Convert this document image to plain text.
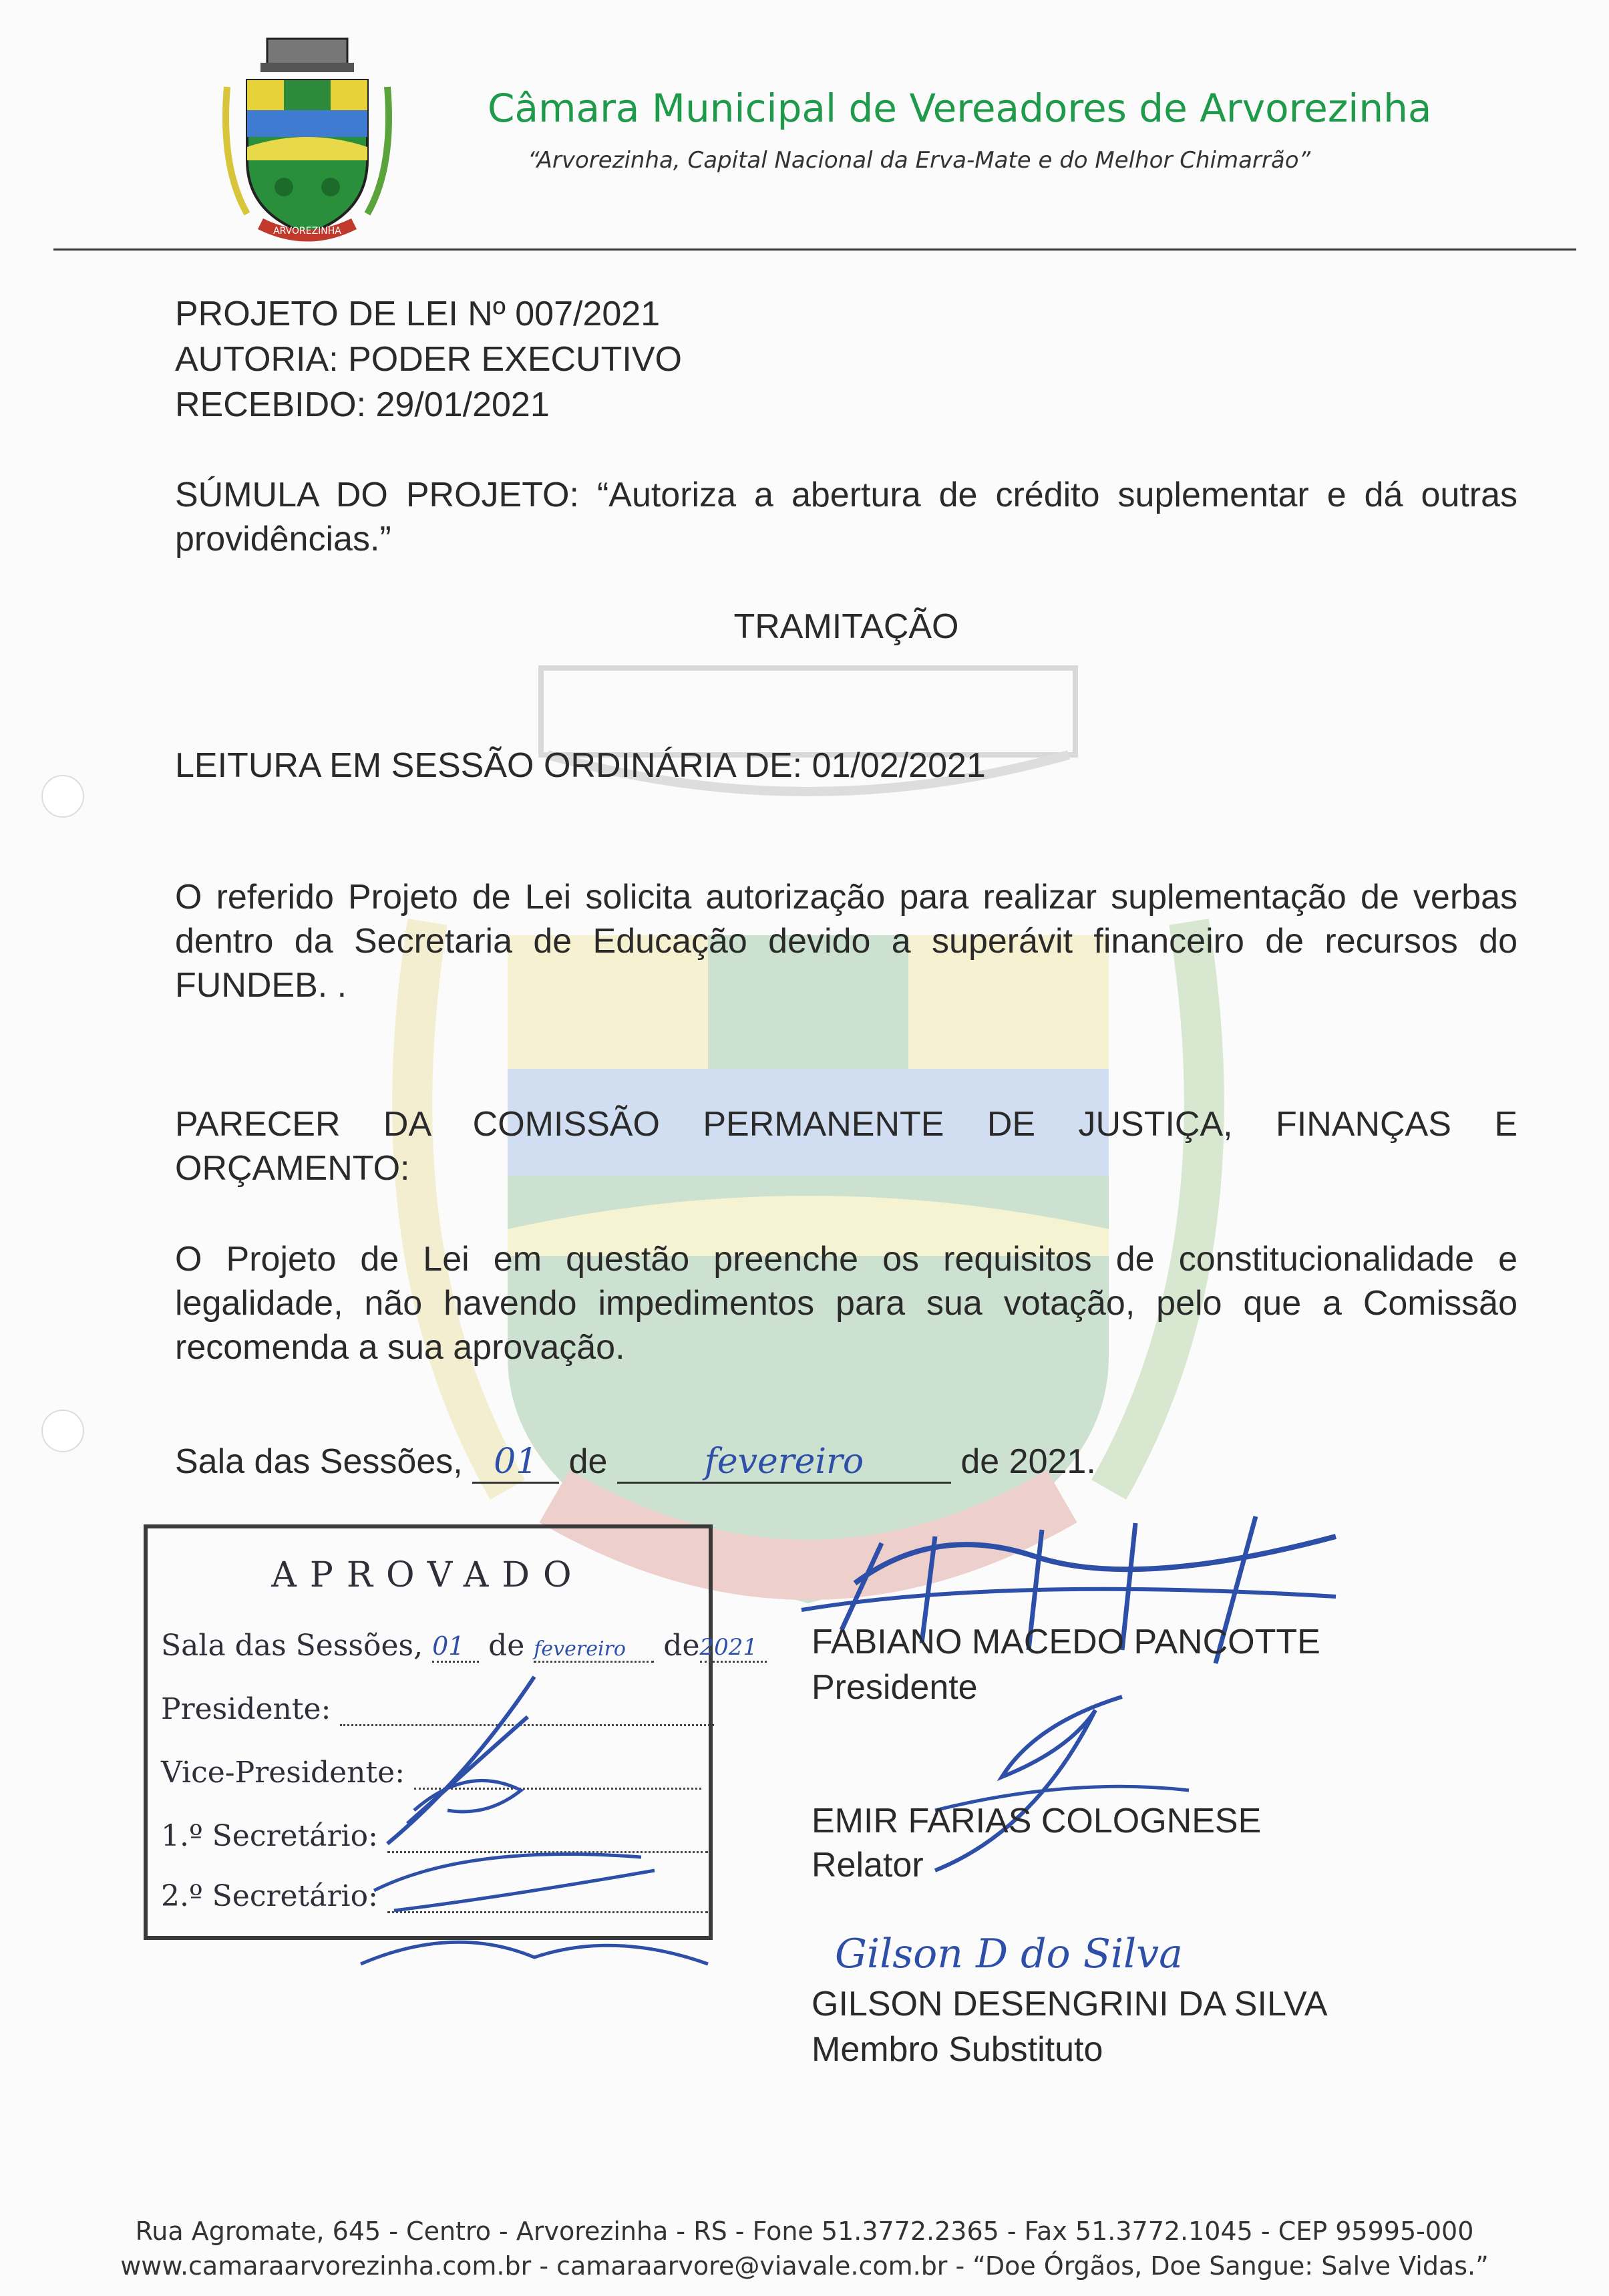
ARVOREZINHA
Câmara Municipal de Vereadores de Arvorezinha
“Arvorezinha, Capital Nacional da Erva-Mate e do Melhor Chimarrão”
PROJETO DE LEI Nº 007/2021
AUTORIA: PODER EXECUTIVO
RECEBIDO: 29/01/2021
SÚMULA DO PROJETO: “Autoriza a abertura de crédito suplementar e dá outras providências.”
TRAMITAÇÃO
LEITURA EM SESSÃO ORDINÁRIA DE: 01/02/2021
O referido Projeto de Lei solicita autorização para realizar suplementação de verbas dentro da Secretaria de Educação devido a superávit financeiro de recursos do FUNDEB. .
PARECER DA COMISSÃO PERMANENTE DE JUSTIÇA, FINANÇAS E ORÇAMENTO:
O Projeto de Lei em questão preenche os requisitos de constitucionalidade e legalidade, não havendo impedimentos para sua votação, pelo que a Comissão recomenda a sua aprovação.
Sala das Sessões, 01 de	fevereiro	de 2021.
APROVADO
Sala das Sessões, 01 de fevereiro de2021
Presidente:
Vice-Presidente:
1.º Secretário:
2.º Secretário:
FABIANO MACEDO PANCOTTE
Presidente
EMIR FARIAS COLOGNESE
Relator
Gilson D do Silva
GILSON DESENGRINI DA SILVA
Membro Substituto
Rua Agromate, 645 - Centro - Arvorezinha - RS - Fone 51.3772.2365 - Fax 51.3772.1045 - CEP 95995-000
www.camaraarvorezinha.com.br - camaraarvore@viavale.com.br - “Doe Órgãos, Doe Sangue: Salve Vidas.”
